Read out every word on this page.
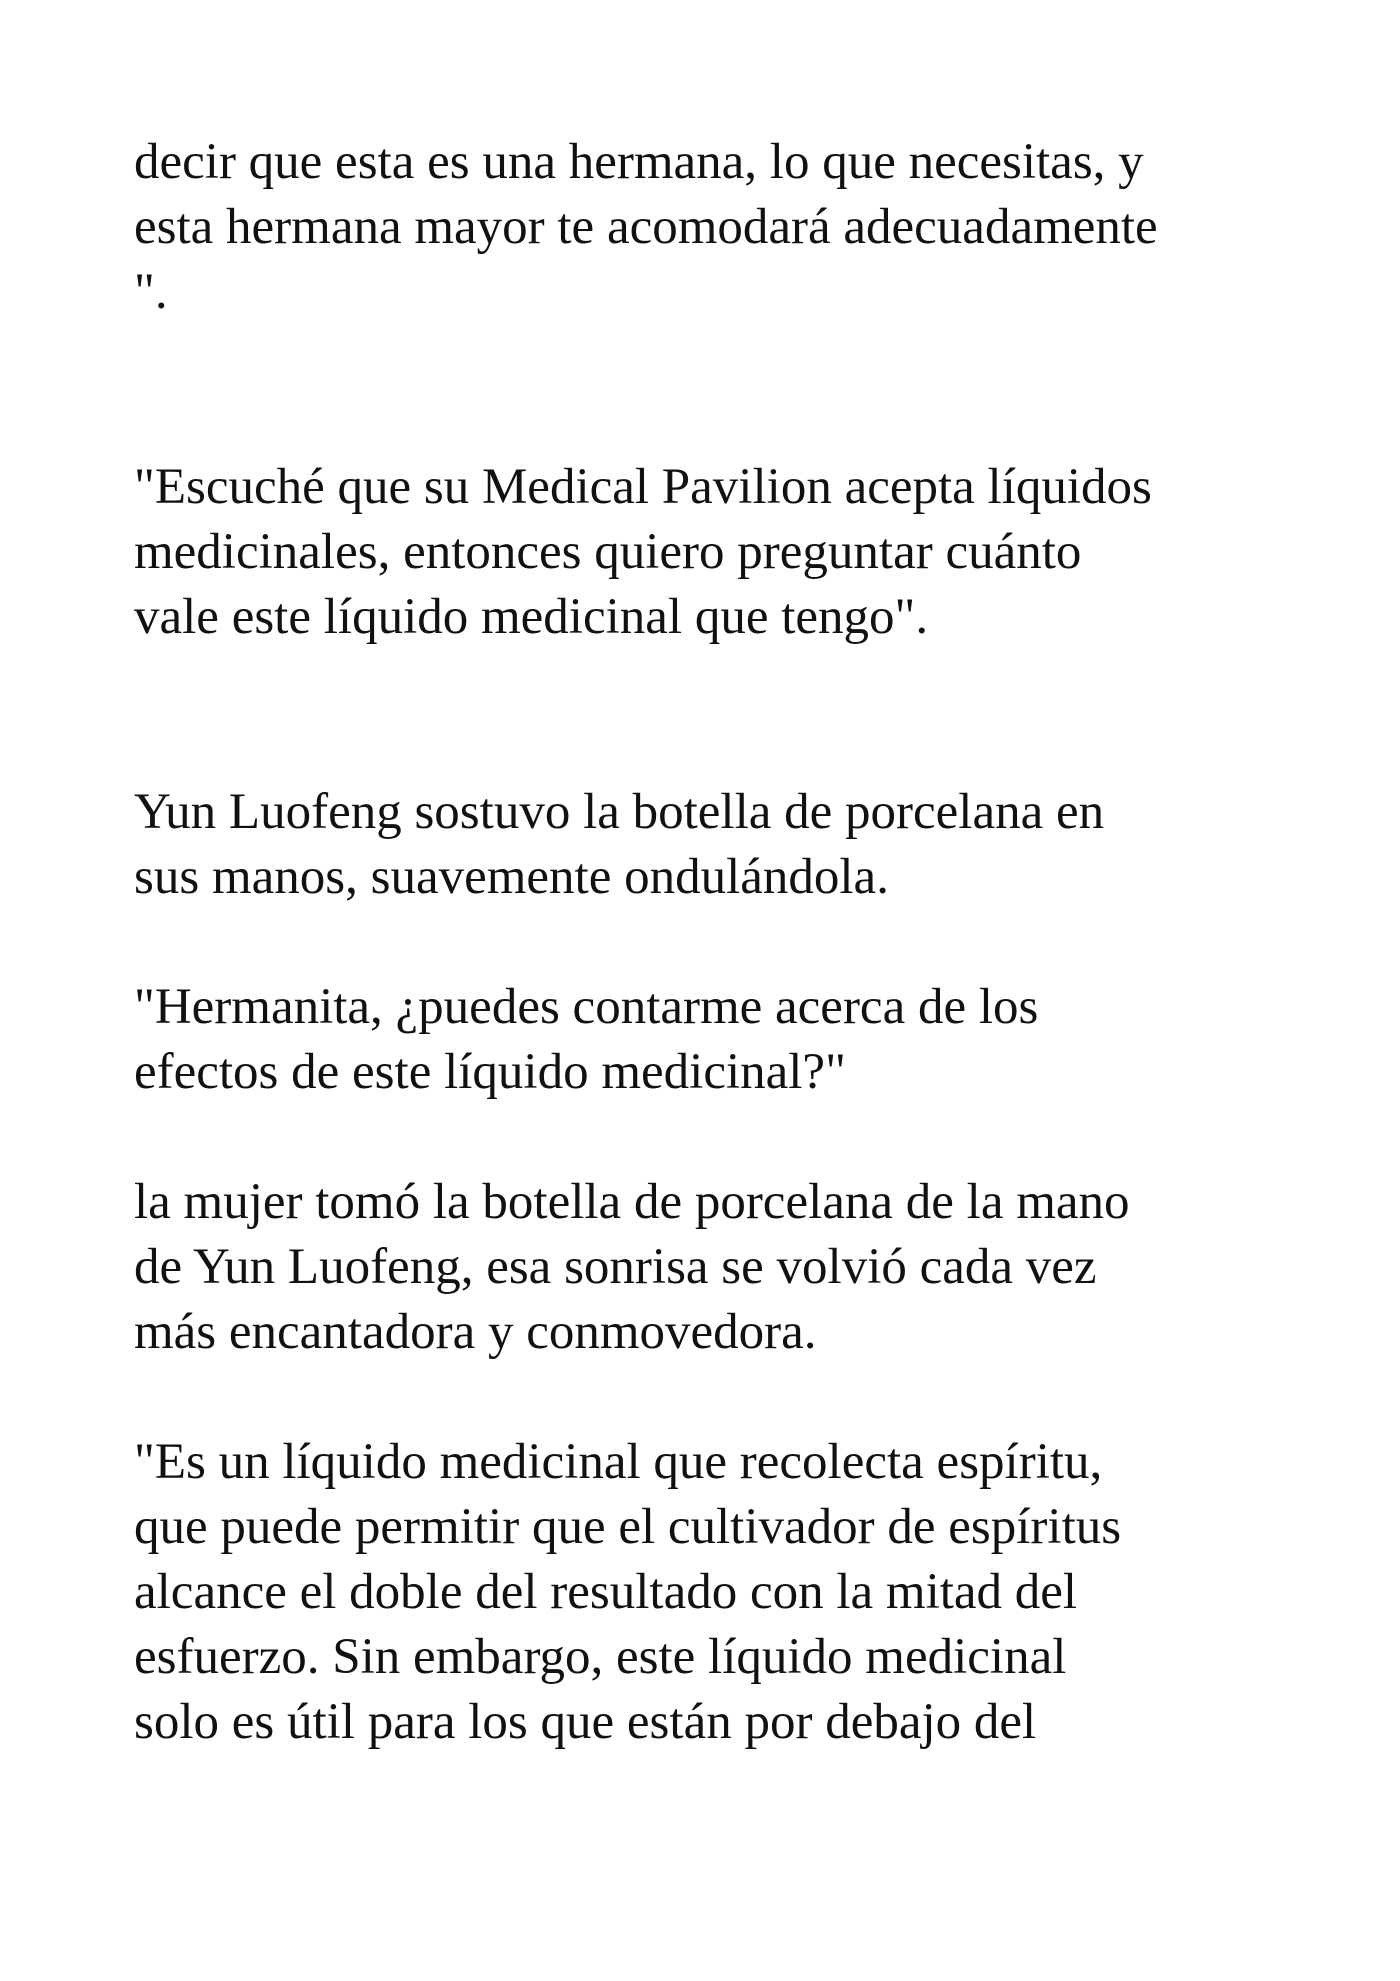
decir que esta es una hermana, lo que necesitas, y
esta hermana mayor te acomodará adecuadamente
".

"Escuché que su Medical Pavilion acepta líquidos
medicinales, entonces quiero preguntar cuánto
vale este líquido medicinal que tengo".

Yun Luofeng sostuvo la botella de porcelana en
sus manos, suavemente ondulándola.

"Hermanita, ¿puedes contarme acerca de los
efectos de este líquido medicinal?"

la mujer tomó la botella de porcelana de la mano
de Yun Luofeng, esa sonrisa se volvió cada vez
más encantadora y conmovedora.

"Es un líquido medicinal que recolecta espíritu,
que puede permitir que el cultivador de espíritus
alcance el doble del resultado con la mitad del
esfuerzo. Sin embargo, este líquido medicinal
solo es útil para los que están por debajo del
